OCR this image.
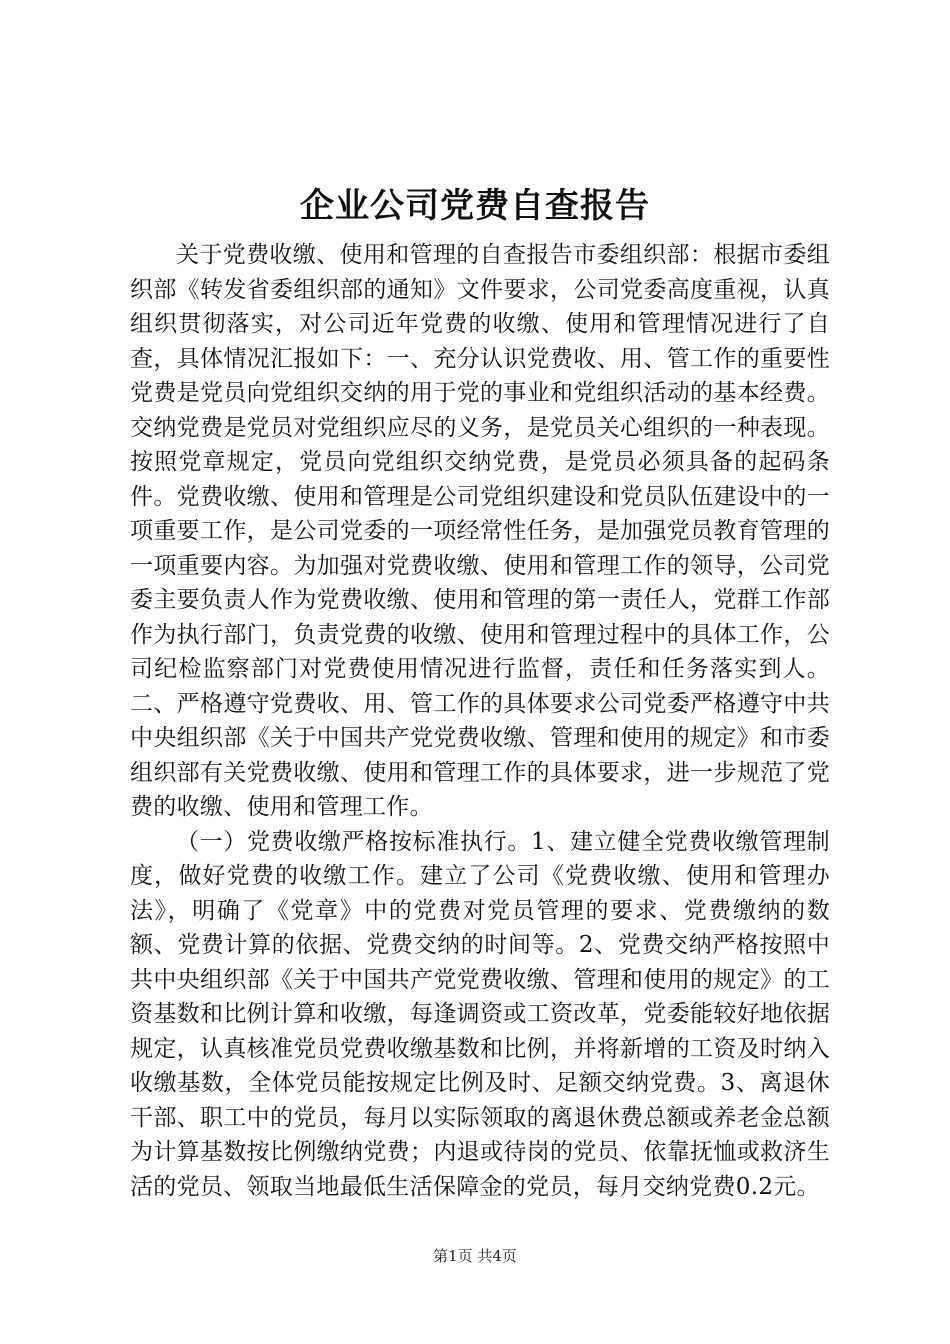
企业公司党费自查报告

关于党费收缴、使用和管理的自查报告市委组织部：根据市委组织部《转发省委组织部的通知》文件要求，公司党委高度重视，认真组织贯彻落实，对公司近年党费的收缴、使用和管理情况进行了自查，具体情况汇报如下：一、充分认识党费收、用、管工作的重要性党费是党员向党组织交纳的用于党的事业和党组织活动的基本经费。交纳党费是党员对党组织应尽的义务，是党员关心组织的一种表现。按照党章规定，党员向党组织交纳党费，是党员必须具备的起码条件。党费收缴、使用和管理是公司党组织建设和党员队伍建设中的一项重要工作，是公司党委的一项经常性任务，是加强党员教育管理的一项重要内容。为加强对党费收缴、使用和管理工作的领导，公司党委主要负责人作为党费收缴、使用和管理的第一责任人，党群工作部作为执行部门，负责党费的收缴、使用和管理过程中的具体工作，公司纪检监察部门对党费使用情况进行监督，责任和任务落实到人。二、严格遵守党费收、用、管工作的具体要求公司党委严格遵守中共中央组织部《关于中国共产党党费收缴、管理和使用的规定》和市委组织部有关党费收缴、使用和管理工作的具体要求，进一步规范了党费的收缴、使用和管理工作。

（一）党费收缴严格按标准执行。1、建立健全党费收缴管理制度，做好党费的收缴工作。建立了公司《党费收缴、使用和管理办法》，明确了《党章》中的党费对党员管理的要求、党费缴纳的数额、党费计算的依据、党费交纳的时间等。2、党费交纳严格按照中共中央组织部《关于中国共产党党费收缴、管理和使用的规定》的工资基数和比例计算和收缴，每逢调资或工资改革，党委能较好地依据规定，认真核准党员党费收缴基数和比例，并将新增的工资及时纳入收缴基数，全体党员能按规定比例及时、足额交纳党费。3、离退休干部、职工中的党员，每月以实际领取的离退休费总额或养老金总额为计算基数按比例缴纳党费；内退或待岗的党员、依靠抚恤或救济生活的党员、领取当地最低生活保障金的党员，每月交纳党费0.2元。

第1页 共4页
